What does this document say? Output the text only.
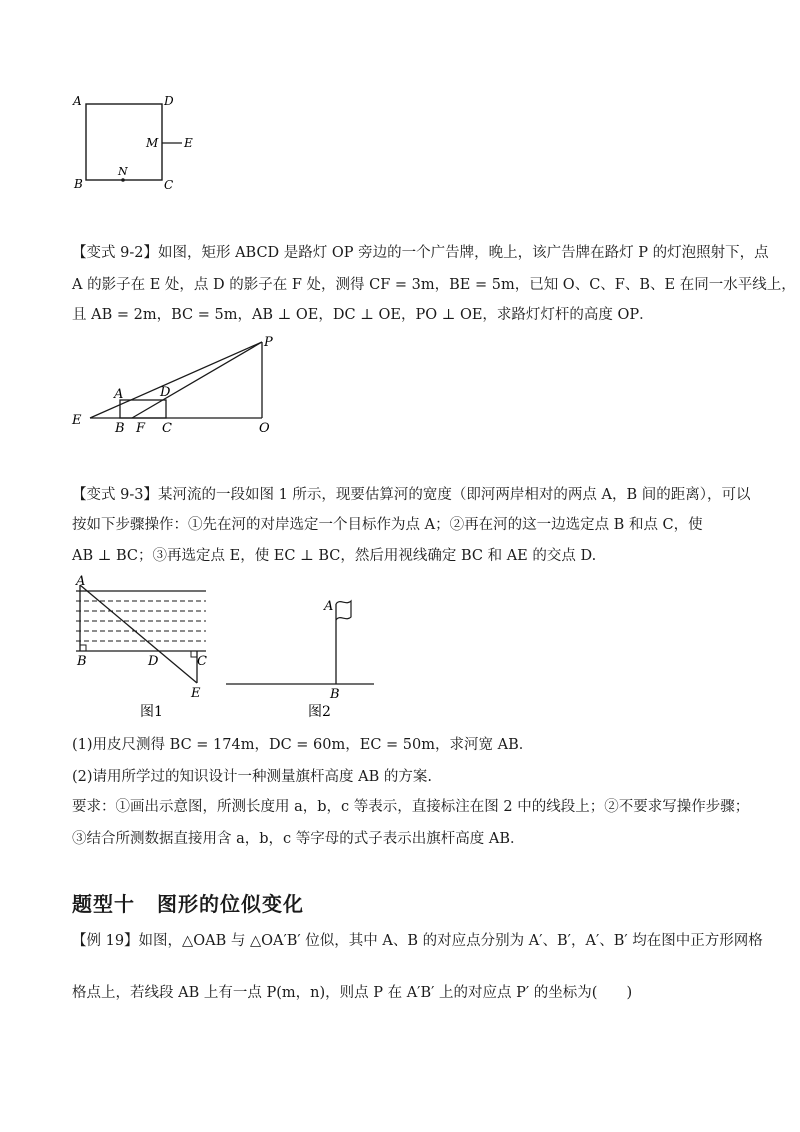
A	D
M E
N
B	C
【变式 9-2】如图，矩形 ABCD 是路灯 OP 旁边的一个广告牌，晚上，该广告牌在路灯 P 的灯泡照射下，点
A 的影子在 E 处，点 D 的影子在 F 处，测得 CF = 3m，BE = 5m，已知 O、C、F、B、E 在同一水平线上，
且 AB = 2m，BC = 5m，AB ⊥ OE，DC ⊥ OE，PO ⊥ OE，求路灯灯杆的高度 OP．
P
A	D
E
B F C	O
【变式 9-3】某河流的一段如图 1 所示，现要估算河的宽度（即河两岸相对的两点 A，B 间的距离），可以
按如下步骤操作：①先在河的对岸选定一个目标作为点 A；②再在河的这一边选定点 B 和点 C，使
AB ⊥ BC；③再选定点 E，使 EC ⊥ BC，然后用视线确定 BC 和 AE 的交点 D.
A
B	D	C
E
图1
A
B
图2
(1)用皮尺测得 BC = 174m，DC = 60m，EC = 50m，求河宽 AB．
(2)请用所学过的知识设计一种测量旗杆高度 AB 的方案.
要求：①画出示意图，所测长度用 a，b，c 等表示，直接标注在图 2 中的线段上；②不要求写操作步骤；
③结合所测数据直接用含 a，b，c 等字母的式子表示出旗杆高度 AB．
题型十 图形的位似变化
【例 19】如图，△OAB 与 △OA′B′ 位似，其中 A、B 的对应点分别为 A′、B′，A′、B′ 均在图中正方形网格
格点上，若线段 AB 上有一点 P(m，n)，则点 P 在 A′B′ 上的对应点 P′ 的坐标为(　　)
